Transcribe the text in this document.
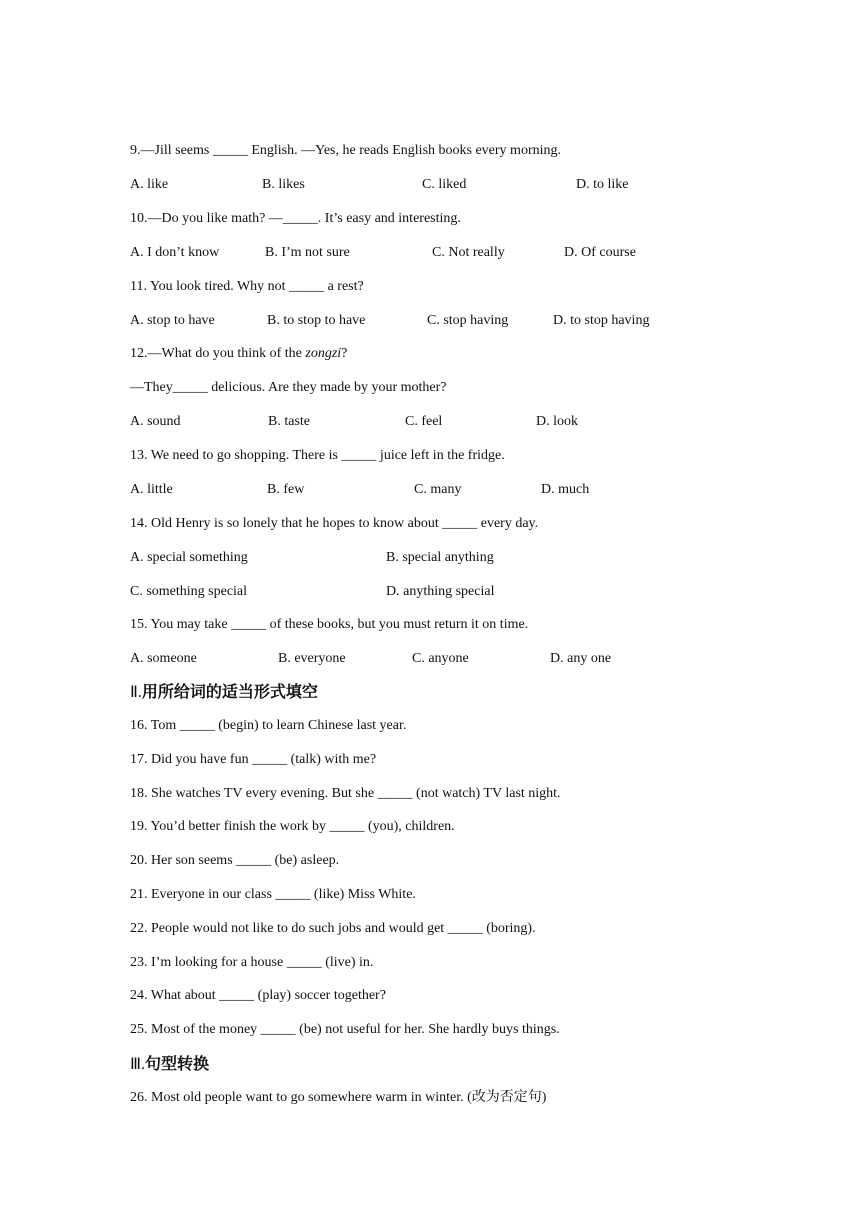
9.—Jill seems _____ English. —Yes, he reads English books every morning.
A. like	B. likes	C. liked	D. to like
10.—Do you like math? —_____. It’s easy and interesting.
A. I don’t know	B. I’m not sure	C. Not really	D. Of course
11. You look tired. Why not _____ a rest?
A. stop to have	B. to stop to have	C. stop having	D. to stop having
12.—What do you think of the zongzi?
—They_____ delicious. Are they made by your mother?
A. sound	B. taste	C. feel	D. look
13. We need to go shopping. There is _____ juice left in the fridge.
A. little	B. few	C. many	D. much
14. Old Henry is so lonely that he hopes to know about _____ every day.
A. special something	B. special anything
C. something special	D. anything special
15. You may take _____ of these books, but you must return it on time.
A. someone	B. everyone	C. anyone	D. any one
Ⅱ.用所给词的适当形式填空
16. Tom _____ (begin) to learn Chinese last year.
17. Did you have fun _____ (talk) with me?
18. She watches TV every evening. But she _____ (not watch) TV last night.
19. You’d better finish the work by _____ (you), children.
20. Her son seems _____ (be) asleep.
21. Everyone in our class _____ (like) Miss White.
22. People would not like to do such jobs and would get _____ (boring).
23. I’m looking for a house _____ (live) in.
24. What about _____ (play) soccer together?
25. Most of the money _____ (be) not useful for her. She hardly buys things.
Ⅲ.句型转换
26. Most old people want to go somewhere warm in winter. (改为否定句)
